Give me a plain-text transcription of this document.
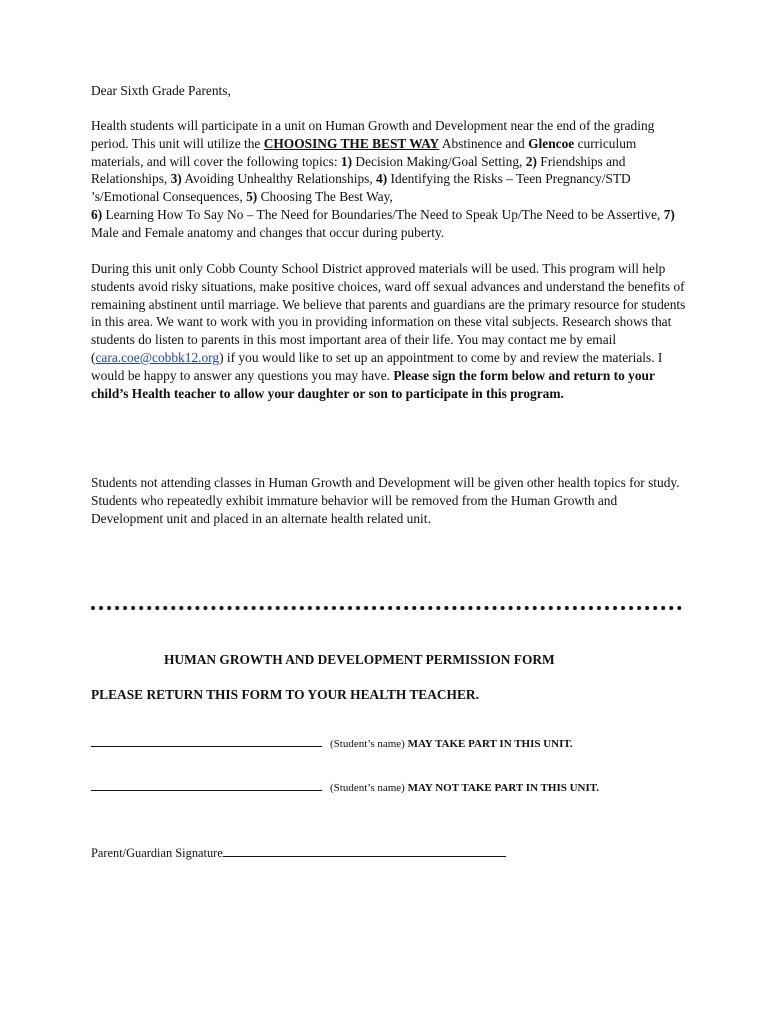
Dear Sixth Grade Parents,

Health students will participate in a unit on Human Growth and Development near the end of the grading period. This unit will utilize the CHOOSING THE BEST WAY Abstinence and Glencoe curriculum materials, and will cover the following topics: 1) Decision Making/Goal Setting, 2) Friendships and Relationships, 3) Avoiding Unhealthy Relationships, 4) Identifying the Risks – Teen Pregnancy/STD ’s/Emotional Consequences, 5) Choosing The Best Way,
6) Learning How To Say No – The Need for Boundaries/The Need to Speak Up/The Need to be Assertive, 7) Male and Female anatomy and changes that occur during puberty.

During this unit only Cobb County School District approved materials will be used. This program will help students avoid risky situations, make positive choices, ward off sexual advances and understand the benefits of remaining abstinent until marriage. We believe that parents and guardians are the primary resource for students in this area. We want to work with you in providing information on these vital subjects. Research shows that students do listen to parents in this most important area of their life. You may contact me by email (cara.coe@cobbk12.org) if you would like to set up an appointment to come by and review the materials. I would be happy to answer any questions you may have. Please sign the form below and return to your child’s Health teacher to allow your daughter or son to participate in this program.

Students not attending classes in Human Growth and Development will be given other health topics for study. Students who repeatedly exhibit immature behavior will be removed from the Human Growth and Development unit and placed in an alternate health related unit.

HUMAN GROWTH AND DEVELOPMENT PERMISSION FORM
PLEASE RETURN THIS FORM TO YOUR HEALTH TEACHER.
(Student’s name) MAY TAKE PART IN THIS UNIT.
(Student’s name) MAY NOT TAKE PART IN THIS UNIT.
Parent/Guardian Signature
